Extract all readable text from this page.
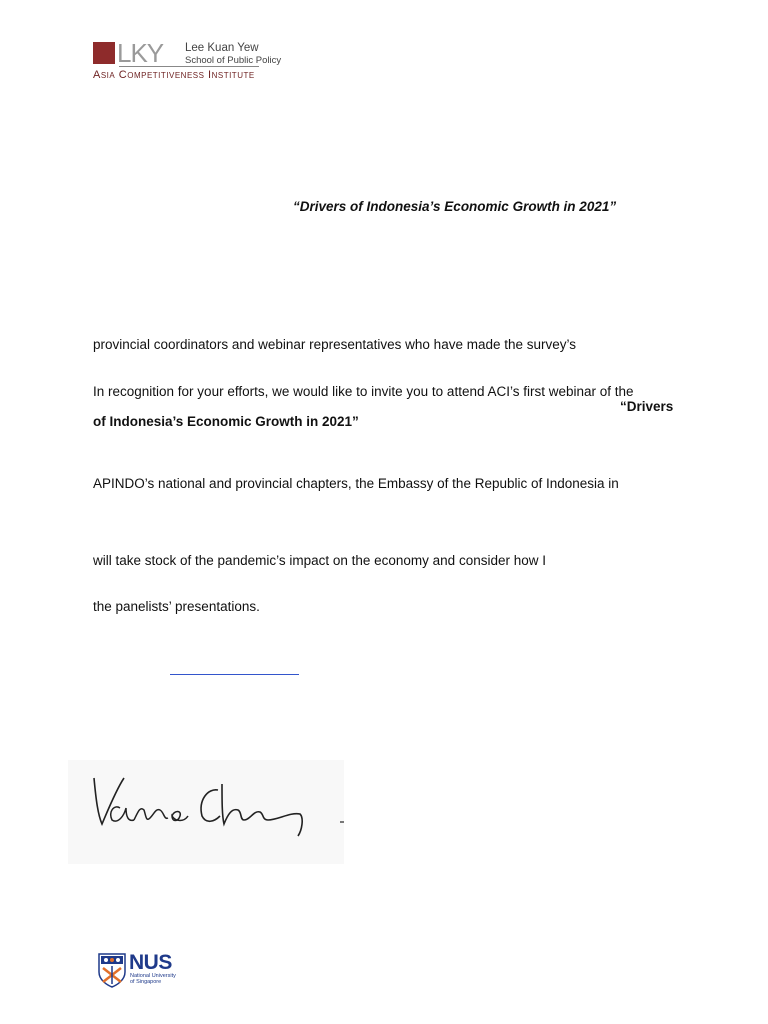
LKY Lee Kuan Yew
School of Public Policy
Asia Competitiveness Institute
“Drivers of Indonesia’s Economic Growth in 2021”
provincial coordinators and webinar representatives who have made the survey’s
In recognition for your efforts, we would like to invite you to attend ACI’s first webinar of the
“Drivers
of Indonesia’s Economic Growth in 2021”
APINDO’s national and provincial chapters, the Embassy of the Republic of Indonesia in
will take stock of the pandemic’s impact on the economy and consider how I
the panelists’ presentations.
NUS
National University
of Singapore
